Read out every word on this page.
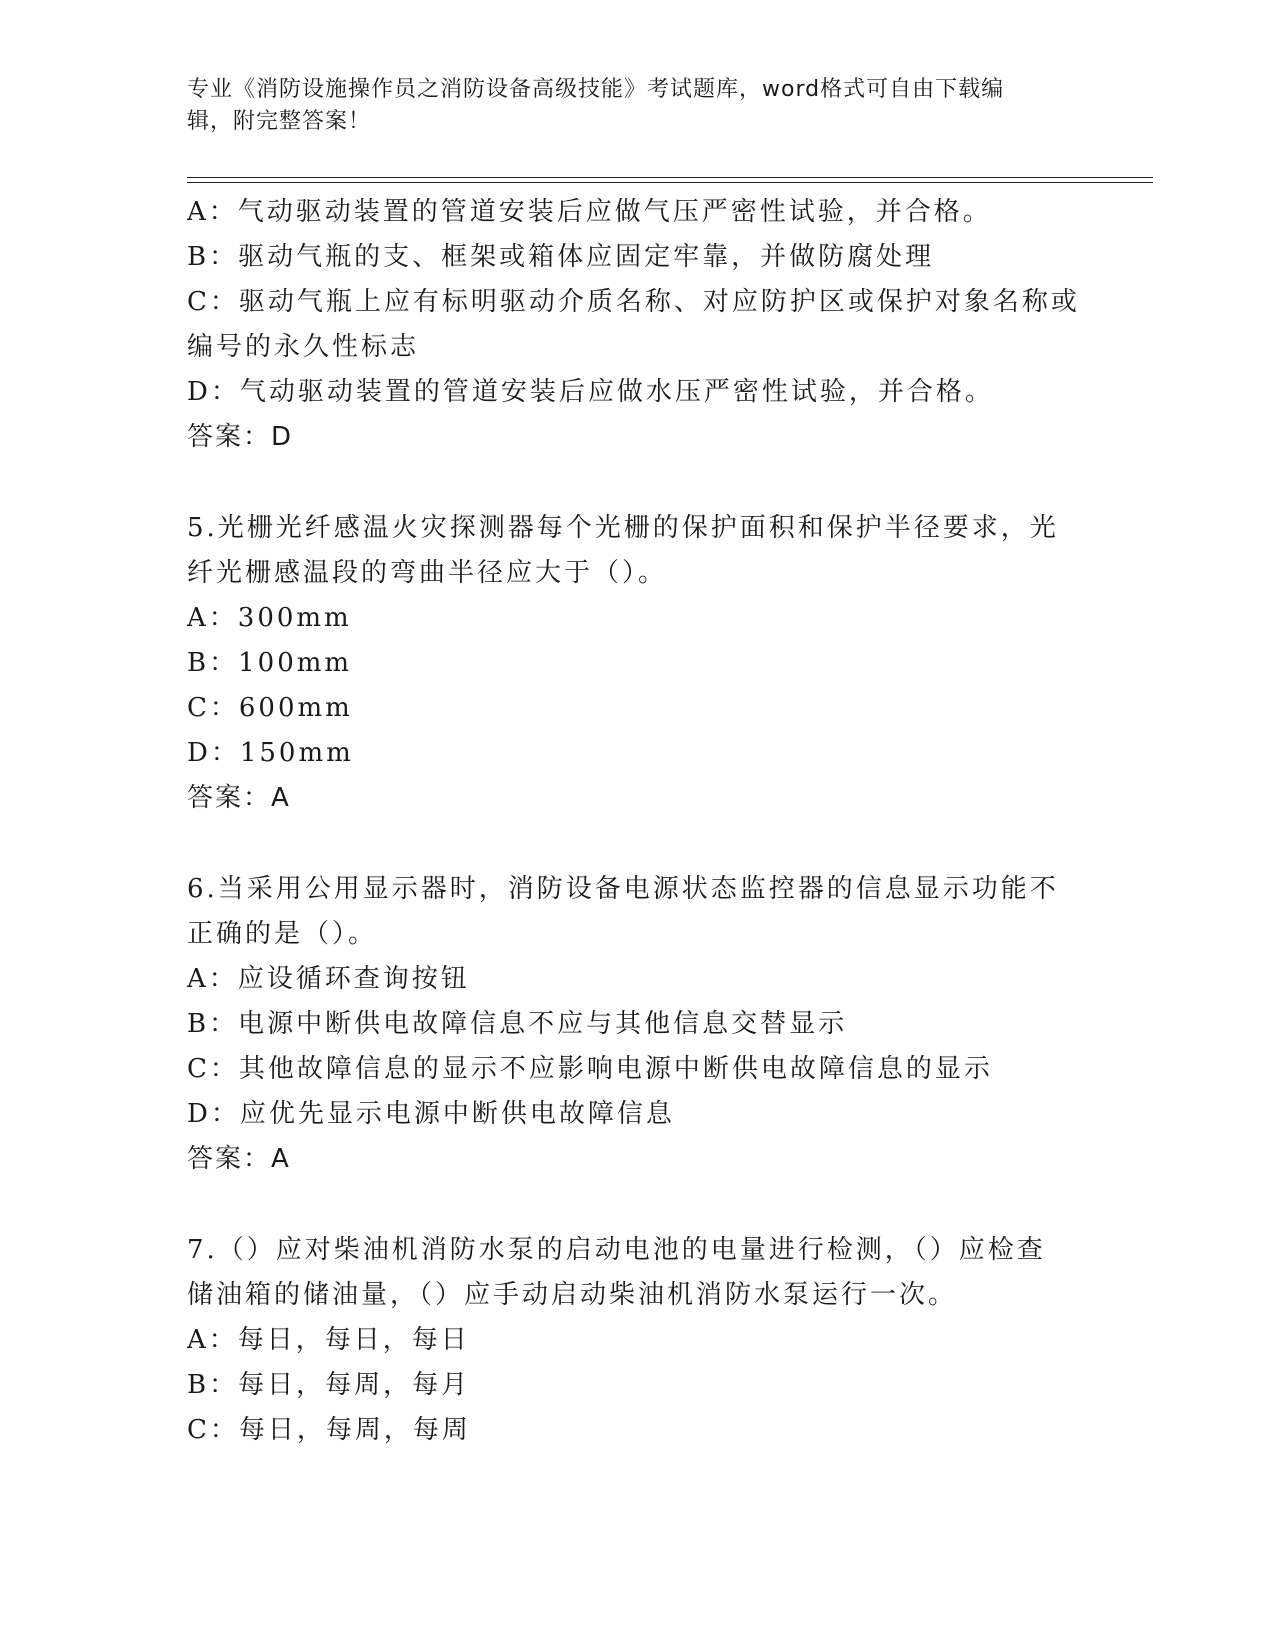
专业《消防设施操作员之消防设备高级技能》考试题库，word格式可自由下载编
辑，附完整答案！
A：气动驱动装置的管道安装后应做气压严密性试验，并合格。
B：驱动气瓶的支、框架或箱体应固定牢靠，并做防腐处理
C：驱动气瓶上应有标明驱动介质名称、对应防护区或保护对象名称或
编号的永久性标志
D：气动驱动装置的管道安装后应做水压严密性试验，并合格。
答案：D
5.光栅光纤感温火灾探测器每个光栅的保护面积和保护半径要求，光
纤光栅感温段的弯曲半径应大于（）。
A：300mm
B：100mm
C：600mm
D：150mm
答案：A
6.当采用公用显示器时，消防设备电源状态监控器的信息显示功能不
正确的是（）。
A：应设循环查询按钮
B：电源中断供电故障信息不应与其他信息交替显示
C：其他故障信息的显示不应影响电源中断供电故障信息的显示
D：应优先显示电源中断供电故障信息
答案：A
7.（）应对柴油机消防水泵的启动电池的电量进行检测，（）应检查
储油箱的储油量，（）应手动启动柴油机消防水泵运行一次。
A：每日，每日，每日
B：每日，每周，每月
C：每日，每周，每周
